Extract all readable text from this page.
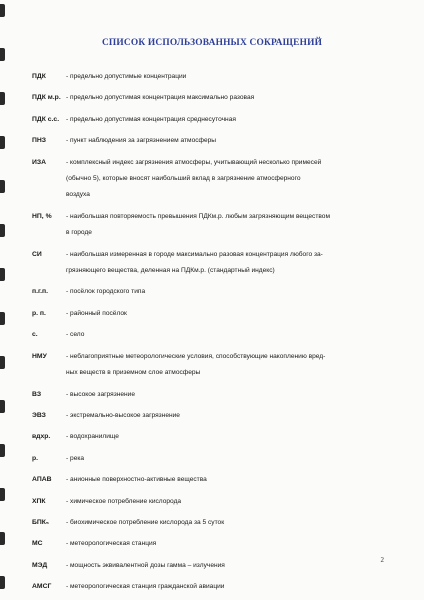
СПИСОК ИСПОЛЬЗОВАННЫХ СОКРАЩЕНИЙ
ПДК	- предельно допустимые концентрации
ПДК м.р. - предельно допустимая концентрация максимально разовая
ПДК с.с. - предельно допустимая концентрация среднесуточная
ПНЗ	- пункт наблюдения за загрязнением атмосферы
ИЗА	- комплексный индекс загрязнения атмосферы, учитывающий несколько примесей
(обычно 5), которые вносят наибольший вклад в загрязнение атмосферного
воздуха
НП, % - наибольшая повторяемость превышения ПДКм.р. любым загрязняющим веществом
в городе
СИ	- наибольшая измеренная в городе максимально разовая концентрация любого за-
грязняющего вещества, деленная на ПДКм.р. (стандартный индекс)
п.г.п.	- посёлок городского типа
р. п.	- районный посёлок
с.	- село
НМУ	- неблагоприятные метеорологические условия, способствующие накоплению вред-
ных веществ в приземном слое атмосферы
ВЗ	- высокое загрязнение
ЭВЗ	- экстремально-высокое загрязнение
вдхр. - водохранилище
р.	- река
АПАВ - анионные поверхностно-активные вещества
ХПК	- химическое потребление кислорода
БПК₅	- биохимическое потребление кислорода за 5 суток
МС	- метеорологическая станция
МЭД	- мощность эквивалентной дозы гамма – излучения
АМСГ - метеорологическая станция гражданской авиации
2
